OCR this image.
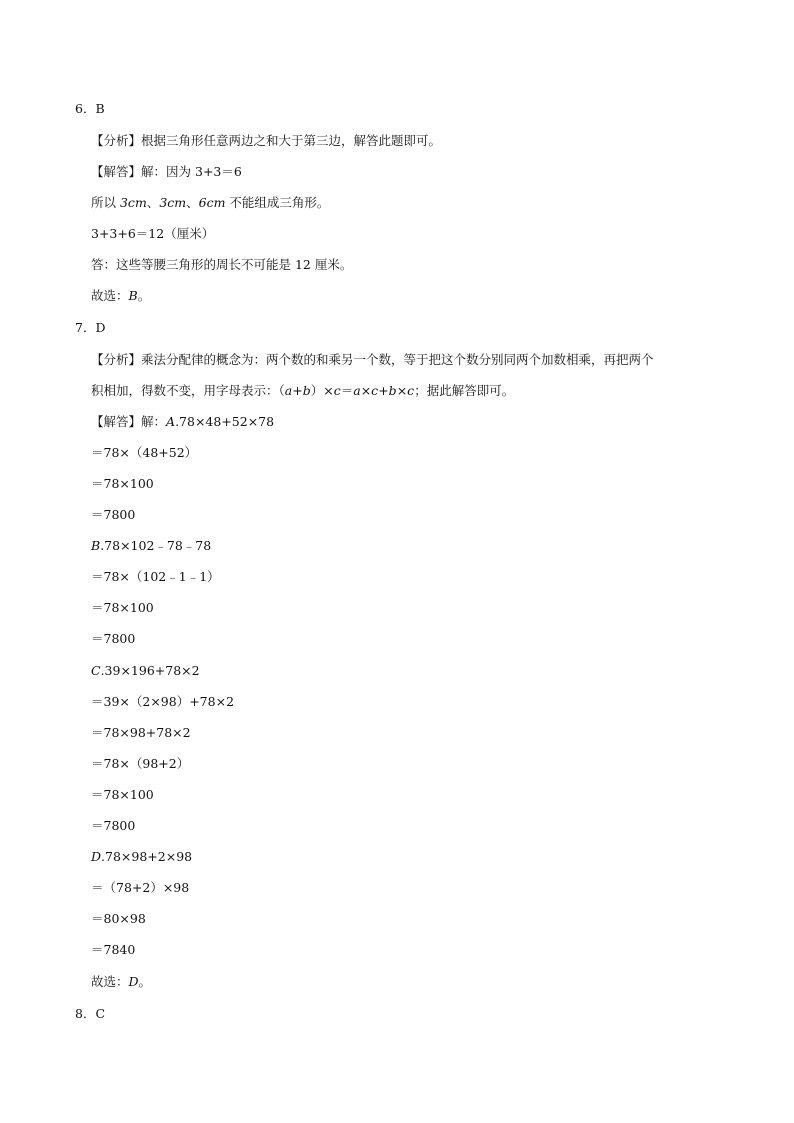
6．B
【分析】根据三角形任意两边之和大于第三边，解答此题即可。
【解答】解：因为 3+3＝6
所以 3cm、3cm、6cm 不能组成三角形。
3+3+6＝12（厘米）
答：这些等腰三角形的周长不可能是 12 厘米。
故选：B。
7．D
【分析】乘法分配律的概念为：两个数的和乘另一个数，等于把这个数分别同两个加数相乘，再把两个
积相加，得数不变，用字母表示：（a+b）×c＝a×c+b×c；据此解答即可。
【解答】解：A.78×48+52×78
＝78×（48+52）
＝78×100
＝7800
B.78×102﹣78﹣78
＝78×（102﹣1﹣1）
＝78×100
＝7800
C.39×196+78×2
＝39×（2×98）+78×2
＝78×98+78×2
＝78×（98+2）
＝78×100
＝7800
D.78×98+2×98
＝（78+2）×98
＝80×98
＝7840
故选：D。
8．C
